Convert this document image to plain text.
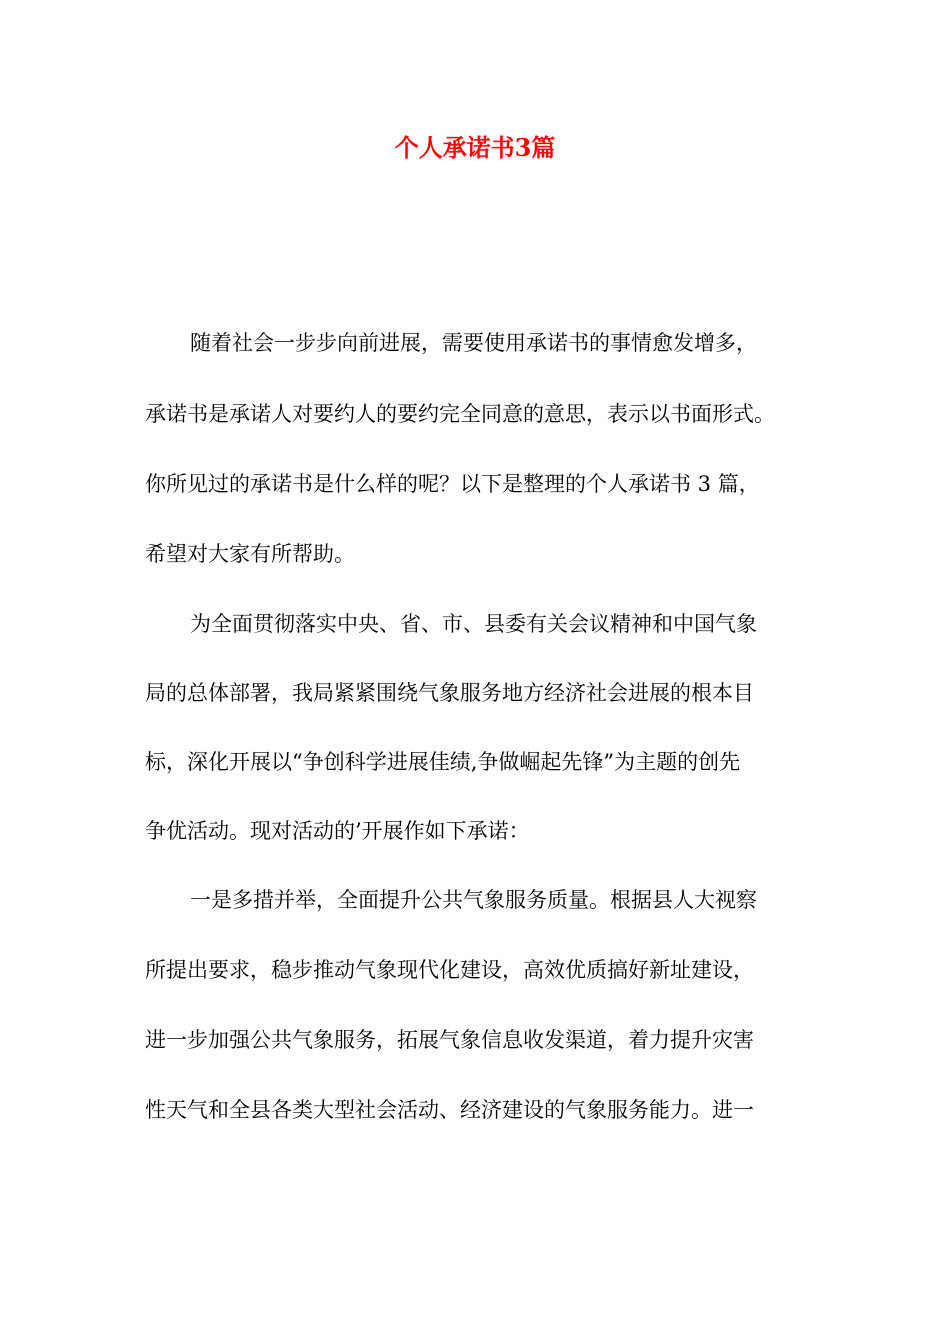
个人承诺书3篇

随着社会一步步向前进展，需要使用承诺书的事情愈发增多，

承诺书是承诺人对要约人的要约完全同意的意思，表示以书面形式。

你所见过的承诺书是什么样的呢？以下是整理的个人承诺书 3 篇，

希望对大家有所帮助。

为全面贯彻落实中央、省、市、县委有关会议精神和中国气象

局的总体部署，我局紧紧围绕气象服务地方经济社会进展的根本目

标，深化开展以“争创科学进展佳绩,争做崛起先锋”为主题的创先

争优活动。现对活动的’开展作如下承诺：

一是多措并举，全面提升公共气象服务质量。根据县人大视察

所提出要求，稳步推动气象现代化建设，高效优质搞好新址建设，

进一步加强公共气象服务，拓展气象信息收发渠道，着力提升灾害

性天气和全县各类大型社会活动、经济建设的气象服务能力。进一
